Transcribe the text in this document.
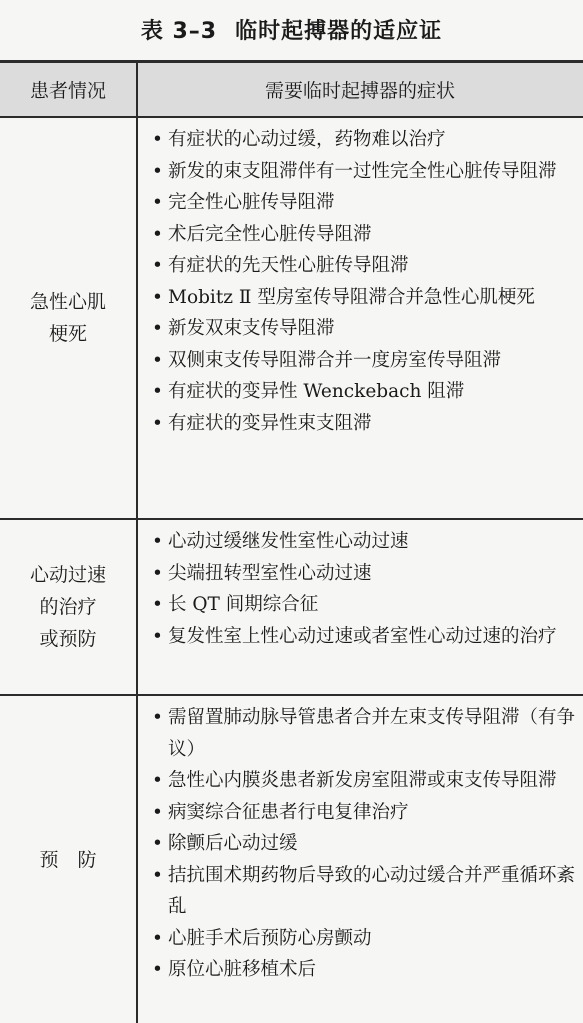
表 3–3 临时起搏器的适应证
患者情况	需要临时起搏器的症状
急性心肌
梗死
• 有症状的心动过缓，药物难以治疗
• 新发的束支阻滞伴有一过性完全性心脏传导阻滞
• 完全性心脏传导阻滞
• 术后完全性心脏传导阻滞
• 有症状的先天性心脏传导阻滞
• Mobitz Ⅱ 型房室传导阻滞合并急性心肌梗死
• 新发双束支传导阻滞
• 双侧束支传导阻滞合并一度房室传导阻滞
• 有症状的变异性 Wenckebach 阻滞
• 有症状的变异性束支阻滞
心动过速
的治疗
或预防
• 心动过缓继发性室性心动过速
• 尖端扭转型室性心动过速
• 长 QT 间期综合征
• 复发性室上性心动过速或者室性心动过速的治疗
预　防
• 需留置肺动脉导管患者合并左束支传导阻滞（有争议）
• 急性心内膜炎患者新发房室阻滞或束支传导阻滞
• 病窦综合征患者行电复律治疗
• 除颤后心动过缓
• 拮抗围术期药物后导致的心动过缓合并严重循环紊乱
• 心脏手术后预防心房颤动
• 原位心脏移植术后
